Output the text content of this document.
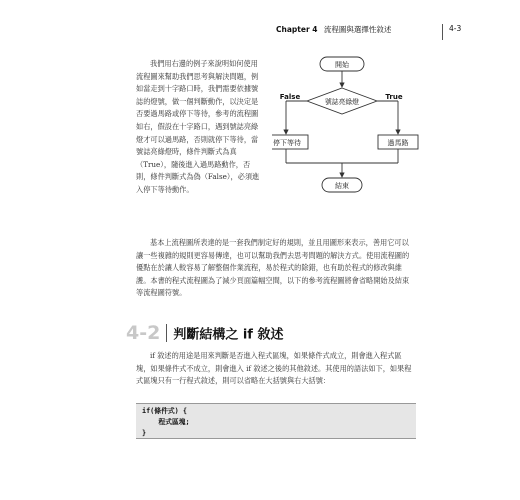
Chapter 4 流程圖與選擇性敘述	4-3
我們用右邊的例子來說明如何使用流程圖來幫助我們思考與解決問題，例如當走到十字路口時，我們需要依據號誌的燈號，做一個判斷動作，以決定是否要過馬路或停下等待，參考的流程圖如右，假設在十字路口，遇到號誌亮綠燈才可以過馬路，否則就停下等待，當號誌亮綠燈時，條件判斷式為真（True），隨後進入過馬路動作，否則，條件判斷式為偽（False），必須進入停下等待動作。
開始
號誌亮綠燈
False	True
停下等待	過馬路
結束
基本上流程圖所表達的是一套我們制定好的規則，並且用圖形來表示，善用它可以讓一些複雜的規則更容易傳達，也可以幫助我們去思考問題的解決方式。使用流程圖的優點在於讓人較容易了解整個作業流程，易於程式的除錯，也有助於程式的修改與維護。本書的程式流程圖為了減少頁面篇幅空間，以下的參考流程圖將會省略開始及結束等流程圖符號。
4-2 判斷結構之 if 敘述
if 敘述的用途是用來判斷是否進入程式區塊，如果條件式成立，則會進入程式區塊，如果條件式不成立，則會進入 if 敘述之後的其他敘述。其使用的語法如下，如果程式區塊只有一行程式敘述，則可以省略在大括號與右大括號：
if(條件式) {
程式區塊;
}
